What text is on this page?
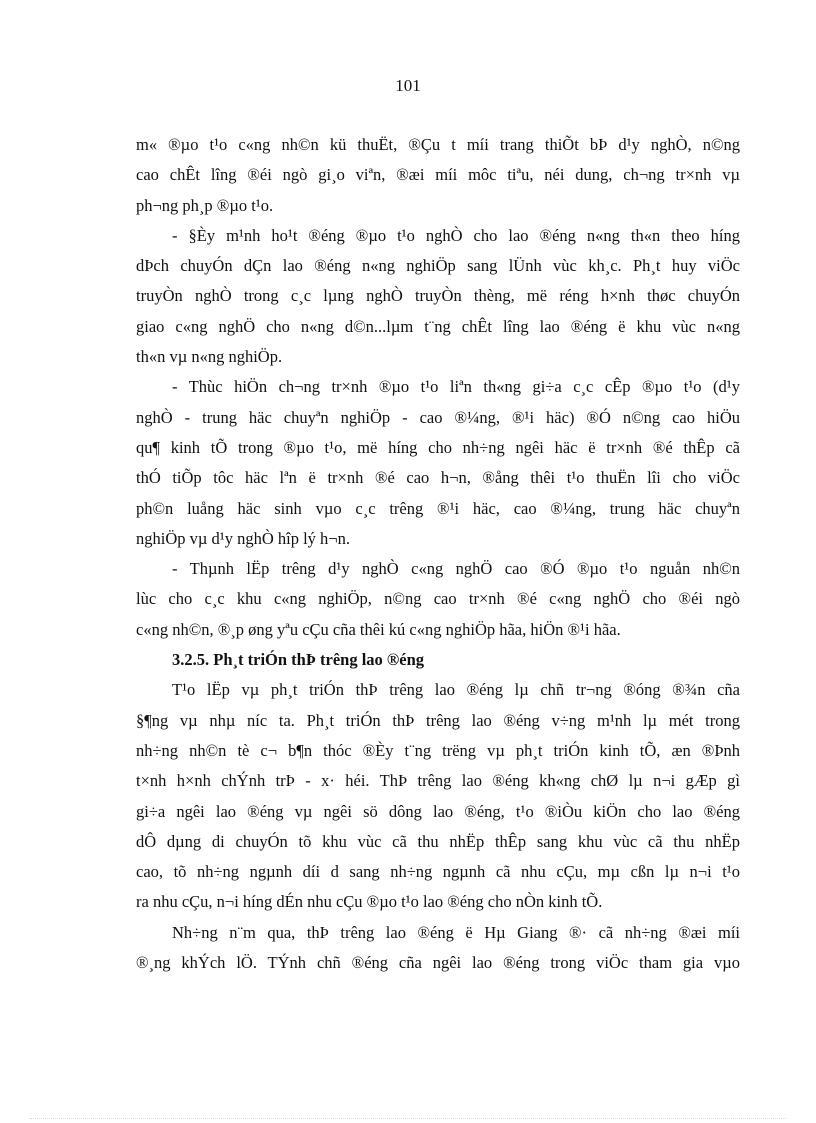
101
m« ®µo t¹o c«ng nh©n kü thuËt, ®Çu t míi trang thiÕt bÞ d¹y nghÒ, n©ng
cao chÊt lîng ®éi ngò gi¸o viªn, ®æi míi môc tiªu, néi dung, ch¬ng tr×nh vµ
ph¬ng ph¸p ®µo t¹o.
- §Èy m¹nh ho¹t ®éng ®µo t¹o nghÒ cho lao ®éng n«ng th«n theo híng
dÞch chuyÓn dÇn lao ®éng n«ng nghiÖp sang lÜnh vùc kh¸c. Ph¸t huy viÖc
truyÒn nghÒ trong c¸c lµng nghÒ truyÒn thèng, më réng h×nh thøc chuyÓn
giao c«ng nghÖ cho n«ng d©n...lµm t¨ng chÊt lîng lao ®éng ë khu vùc n«ng
th«n vµ n«ng nghiÖp.
- Thùc hiÖn ch¬ng tr×nh ®µo t¹o liªn th«ng gi÷a c¸c cÊp ®µo t¹o (d¹y
nghÒ - trung häc chuyªn nghiÖp - cao ®¼ng, ®¹i häc) ®Ó n©ng cao hiÖu
qu¶ kinh tÕ trong ®µo t¹o, më híng cho nh÷ng ngêi häc ë tr×nh ®é thÊp cã
thÓ tiÕp tôc häc lªn ë tr×nh ®é cao h¬n, ®ång thêi t¹o thuËn lîi cho viÖc
ph©n luång häc sinh vµo c¸c trêng ®¹i häc, cao ®¼ng, trung häc chuyªn
nghiÖp vµ d¹y nghÒ hîp lý h¬n.
- Thµnh lËp trêng d¹y nghÒ c«ng nghÖ cao ®Ó ®µo t¹o nguån nh©n
lùc cho c¸c khu c«ng nghiÖp, n©ng cao tr×nh ®é c«ng nghÖ cho ®éi ngò
c«ng nh©n, ®¸p øng yªu cÇu cña thêi kú c«ng nghiÖp hãa, hiÖn ®¹i hãa.
3.2.5. Ph¸t triÓn thÞ trêng lao ®éng
T¹o lËp vµ ph¸t triÓn thÞ trêng lao ®éng lµ chñ tr¬ng ®óng ®¾n cña
§¶ng vµ nhµ níc ta. Ph¸t triÓn thÞ trêng lao ®éng v÷ng m¹nh lµ mét trong
nh÷ng nh©n tè c¬ b¶n thóc ®Èy t¨ng trëng vµ ph¸t triÓn kinh tÕ, æn ®Þnh
t×nh h×nh chÝnh trÞ - x· héi. ThÞ trêng lao ®éng kh«ng chØ lµ n¬i gÆp gì
gi÷a ngêi lao ®éng vµ ngêi sö dông lao ®éng, t¹o ®iÒu kiÖn cho lao ®éng
dÔ dµng di chuyÓn tõ khu vùc cã thu nhËp thÊp sang khu vùc cã thu nhËp
cao, tõ nh÷ng ngµnh díi d sang nh÷ng ngµnh cã nhu cÇu, mµ cßn lµ n¬i t¹o
ra nhu cÇu, n¬i híng dÉn nhu cÇu ®µo t¹o lao ®éng cho nÒn kinh tÕ.
Nh÷ng n¨m qua, thÞ trêng lao ®éng ë Hµ Giang ®· cã nh÷ng ®æi míi
®¸ng khÝch lÖ. TÝnh chñ ®éng cña ngêi lao ®éng trong viÖc tham gia vµo
